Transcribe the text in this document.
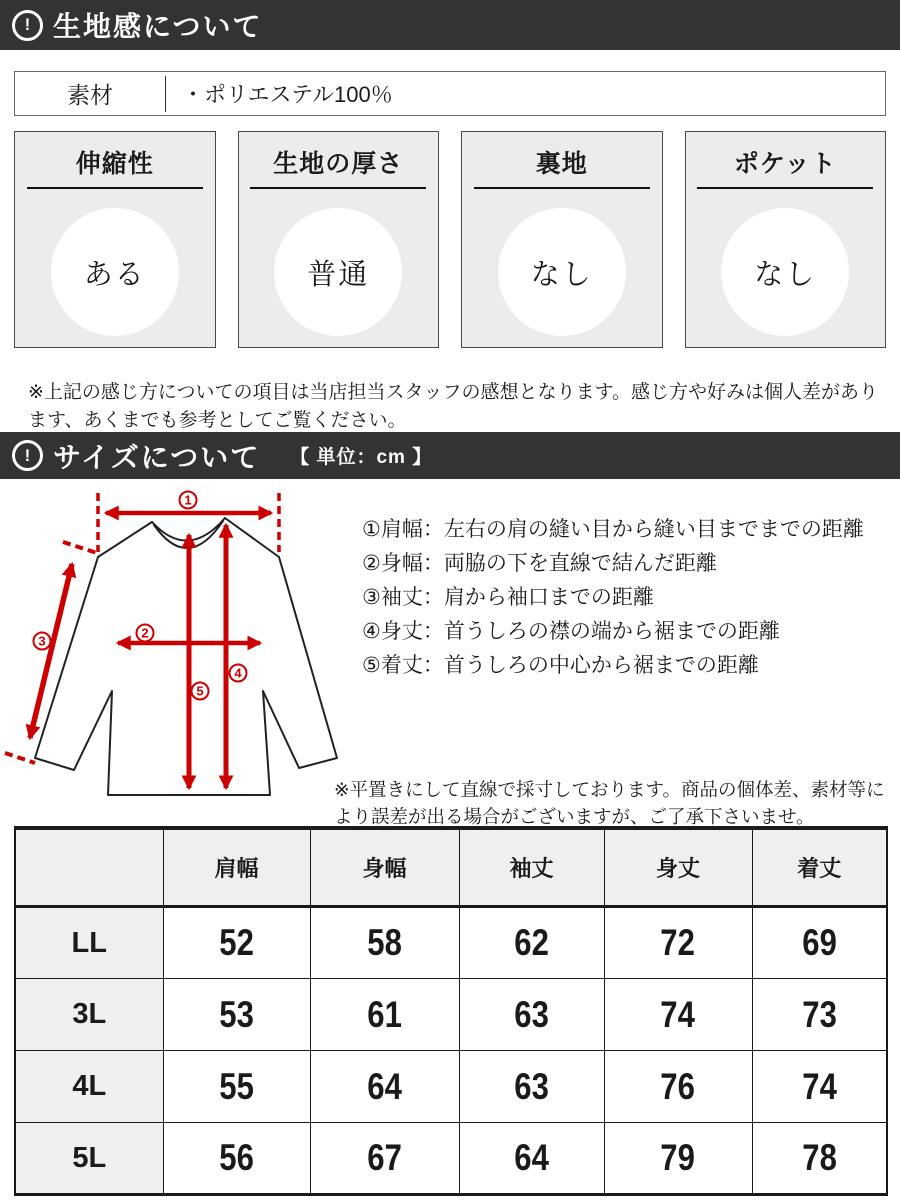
! 生地感について
素材	・ポリエステル100％
伸縮性
ある
生地の厚さ
普通
裏地
なし
ポケット
なし

※上記の感じ方についての項目は当店担当スタッフの感想となります。感じ方や好みは個人差があります、あくまでも参考としてご覧ください。

! サイズについて 【 単位：cm 】
1
2
3
4
5
①肩幅：左右の肩の縫い目から縫い目までまでの距離
②身幅：両脇の下を直線で結んだ距離
③袖丈：肩から袖口までの距離
④身丈：首うしろの襟の端から裾までの距離
⑤着丈：首うしろの中心から裾までの距離

※平置きにして直線で採寸しております。商品の個体差、素材等により誤差が出る場合がございますが、ご了承下さいませ。

	肩幅	身幅	袖丈	身丈	着丈
LL	52	58	62	72	69
3L	53	61	63	74	73
4L	55	64	63	76	74
5L	56	67	64	79	78
